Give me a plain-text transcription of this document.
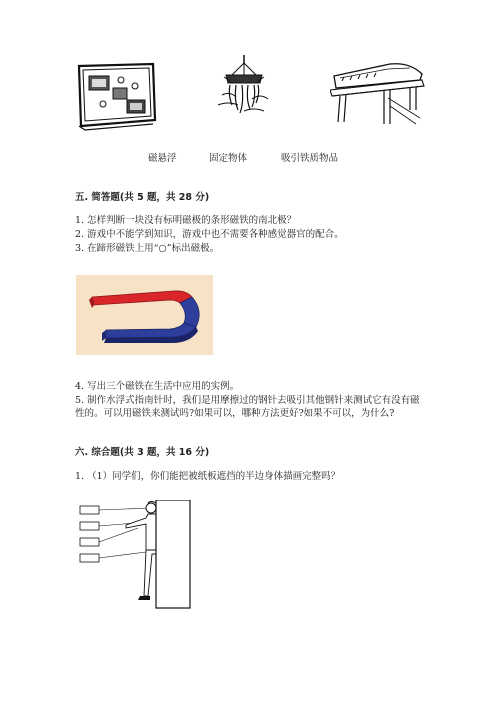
磁悬浮	固定物体	吸引铁质物品
五. 简答题(共 5 题，共 28 分)
1. 怎样判断一块没有标明磁极的条形磁铁的南北极？
2. 游戏中不能学到知识，游戏中也不需要各种感觉器官的配合。
3. 在蹄形磁铁上用“○”标出磁极。
4. 写出三个磁铁在生活中应用的实例。
5. 制作水浮式指南针时，我们是用摩擦过的钢针去吸引其他钢针来测试它有没有磁性的。可以用磁铁来测试吗?如果可以，哪种方法更好?如果不可以，为什么?
六. 综合题(共 3 题，共 16 分)
1. （1）同学们，你们能把被纸板遮挡的半边身体描画完整吗？
